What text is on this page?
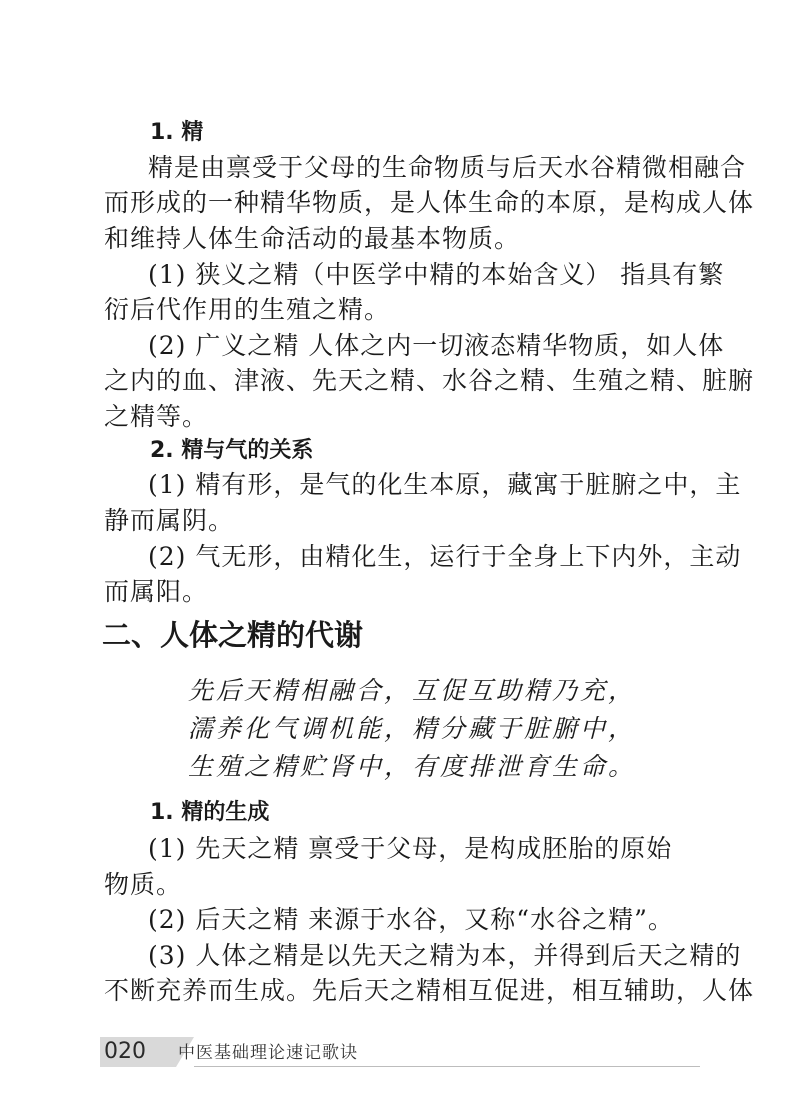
1. 精
精是由禀受于父母的生命物质与后天水谷精微相融合
而形成的一种精华物质，是人体生命的本原，是构成人体
和维持人体生命活动的最基本物质。
(1) 狭义之精（中医学中精的本始含义） 指具有繁
衍后代作用的生殖之精。
(2) 广义之精 人体之内一切液态精华物质，如人体
之内的血、津液、先天之精、水谷之精、生殖之精、脏腑
之精等。
2. 精与气的关系
(1) 精有形，是气的化生本原，藏寓于脏腑之中，主
静而属阴。
(2) 气无形，由精化生，运行于全身上下内外，主动
而属阳。
二、人体之精的代谢
先后天精相融合，互促互助精乃充，
濡养化气调机能，精分藏于脏腑中，
生殖之精贮肾中，有度排泄育生命。
1. 精的生成
(1) 先天之精 禀受于父母，是构成胚胎的原始
物质。
(2) 后天之精 来源于水谷，又称“水谷之精”。
(3) 人体之精是以先天之精为本，并得到后天之精的
不断充养而生成。先后天之精相互促进，相互辅助，人体
020 中医基础理论速记歌诀
